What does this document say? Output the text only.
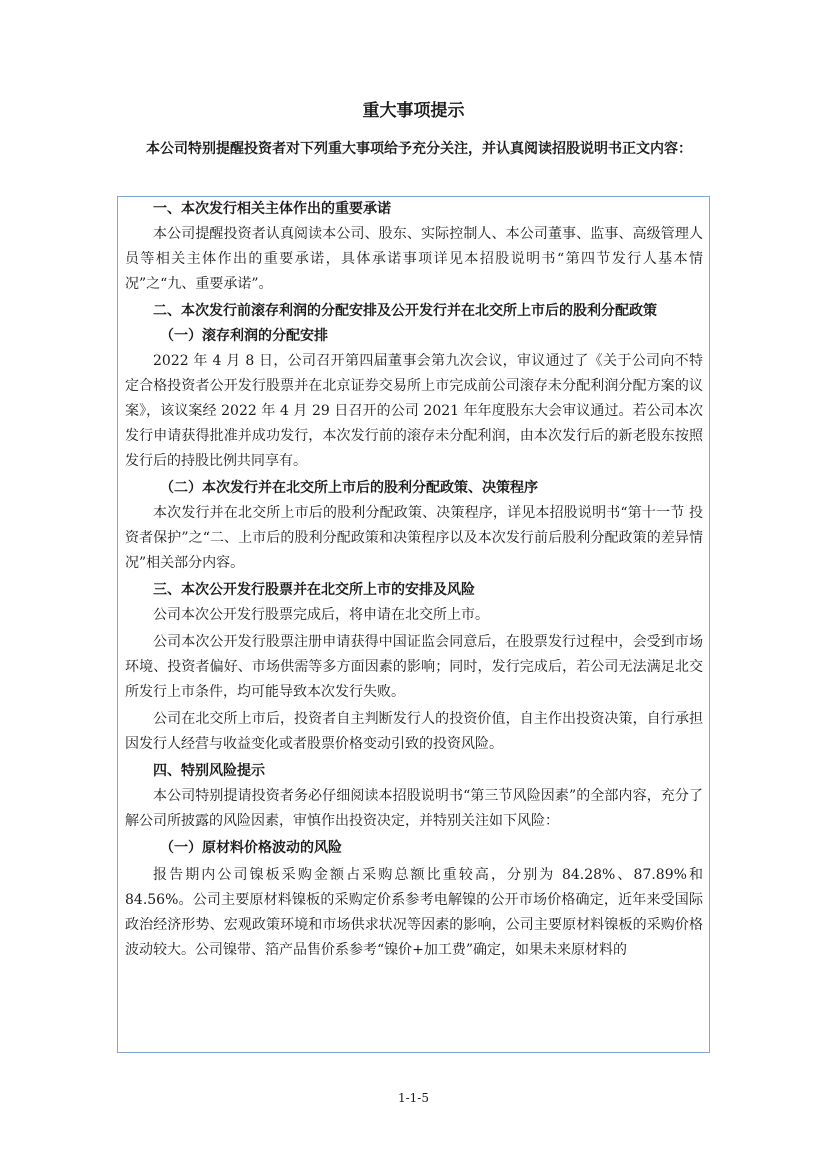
重大事项提示

本公司特别提醒投资者对下列重大事项给予充分关注，并认真阅读招股说明书正文内容：

一、本次发行相关主体作出的重要承诺

本公司提醒投资者认真阅读本公司、股东、实际控制人、本公司董事、监事、高级管理人员等相关主体作出的重要承诺，具体承诺事项详见本招股说明书“第四节发行人基本情况”之“九、重要承诺”。

二、本次发行前滚存利润的分配安排及公开发行并在北交所上市后的股利分配政策

（一）滚存利润的分配安排

2022 年 4 月 8 日，公司召开第四届董事会第九次会议，审议通过了《关于公司向不特定合格投资者公开发行股票并在北京证券交易所上市完成前公司滚存未分配利润分配方案的议案》，该议案经 2022 年 4 月 29 日召开的公司 2021 年年度股东大会审议通过。若公司本次发行申请获得批准并成功发行，本次发行前的滚存未分配利润，由本次发行后的新老股东按照发行后的持股比例共同享有。

（二）本次发行并在北交所上市后的股利分配政策、决策程序

本次发行并在北交所上市后的股利分配政策、决策程序，详见本招股说明书“第十一节 投资者保护”之“二、上市后的股利分配政策和决策程序以及本次发行前后股利分配政策的差异情况”相关部分内容。

三、本次公开发行股票并在北交所上市的安排及风险

公司本次公开发行股票完成后，将申请在北交所上市。

公司本次公开发行股票注册申请获得中国证监会同意后，在股票发行过程中，会受到市场环境、投资者偏好、市场供需等多方面因素的影响；同时，发行完成后，若公司无法满足北交所发行上市条件，均可能导致本次发行失败。

公司在北交所上市后，投资者自主判断发行人的投资价值，自主作出投资决策，自行承担因发行人经营与收益变化或者股票价格变动引致的投资风险。

四、特别风险提示

本公司特别提请投资者务必仔细阅读本招股说明书“第三节风险因素”的全部内容，充分了解公司所披露的风险因素，审慎作出投资决定，并特别关注如下风险：

（一）原材料价格波动的风险

报告期内公司镍板采购金额占采购总额比重较高，分别为 84.28%、87.89%和 84.56%。公司主要原材料镍板的采购定价系参考电解镍的公开市场价格确定，近年来受国际政治经济形势、宏观政策环境和市场供求状况等因素的影响，公司主要原材料镍板的采购价格波动较大。公司镍带、箔产品售价系参考“镍价+加工费”确定，如果未来原材料的

1-1-5
